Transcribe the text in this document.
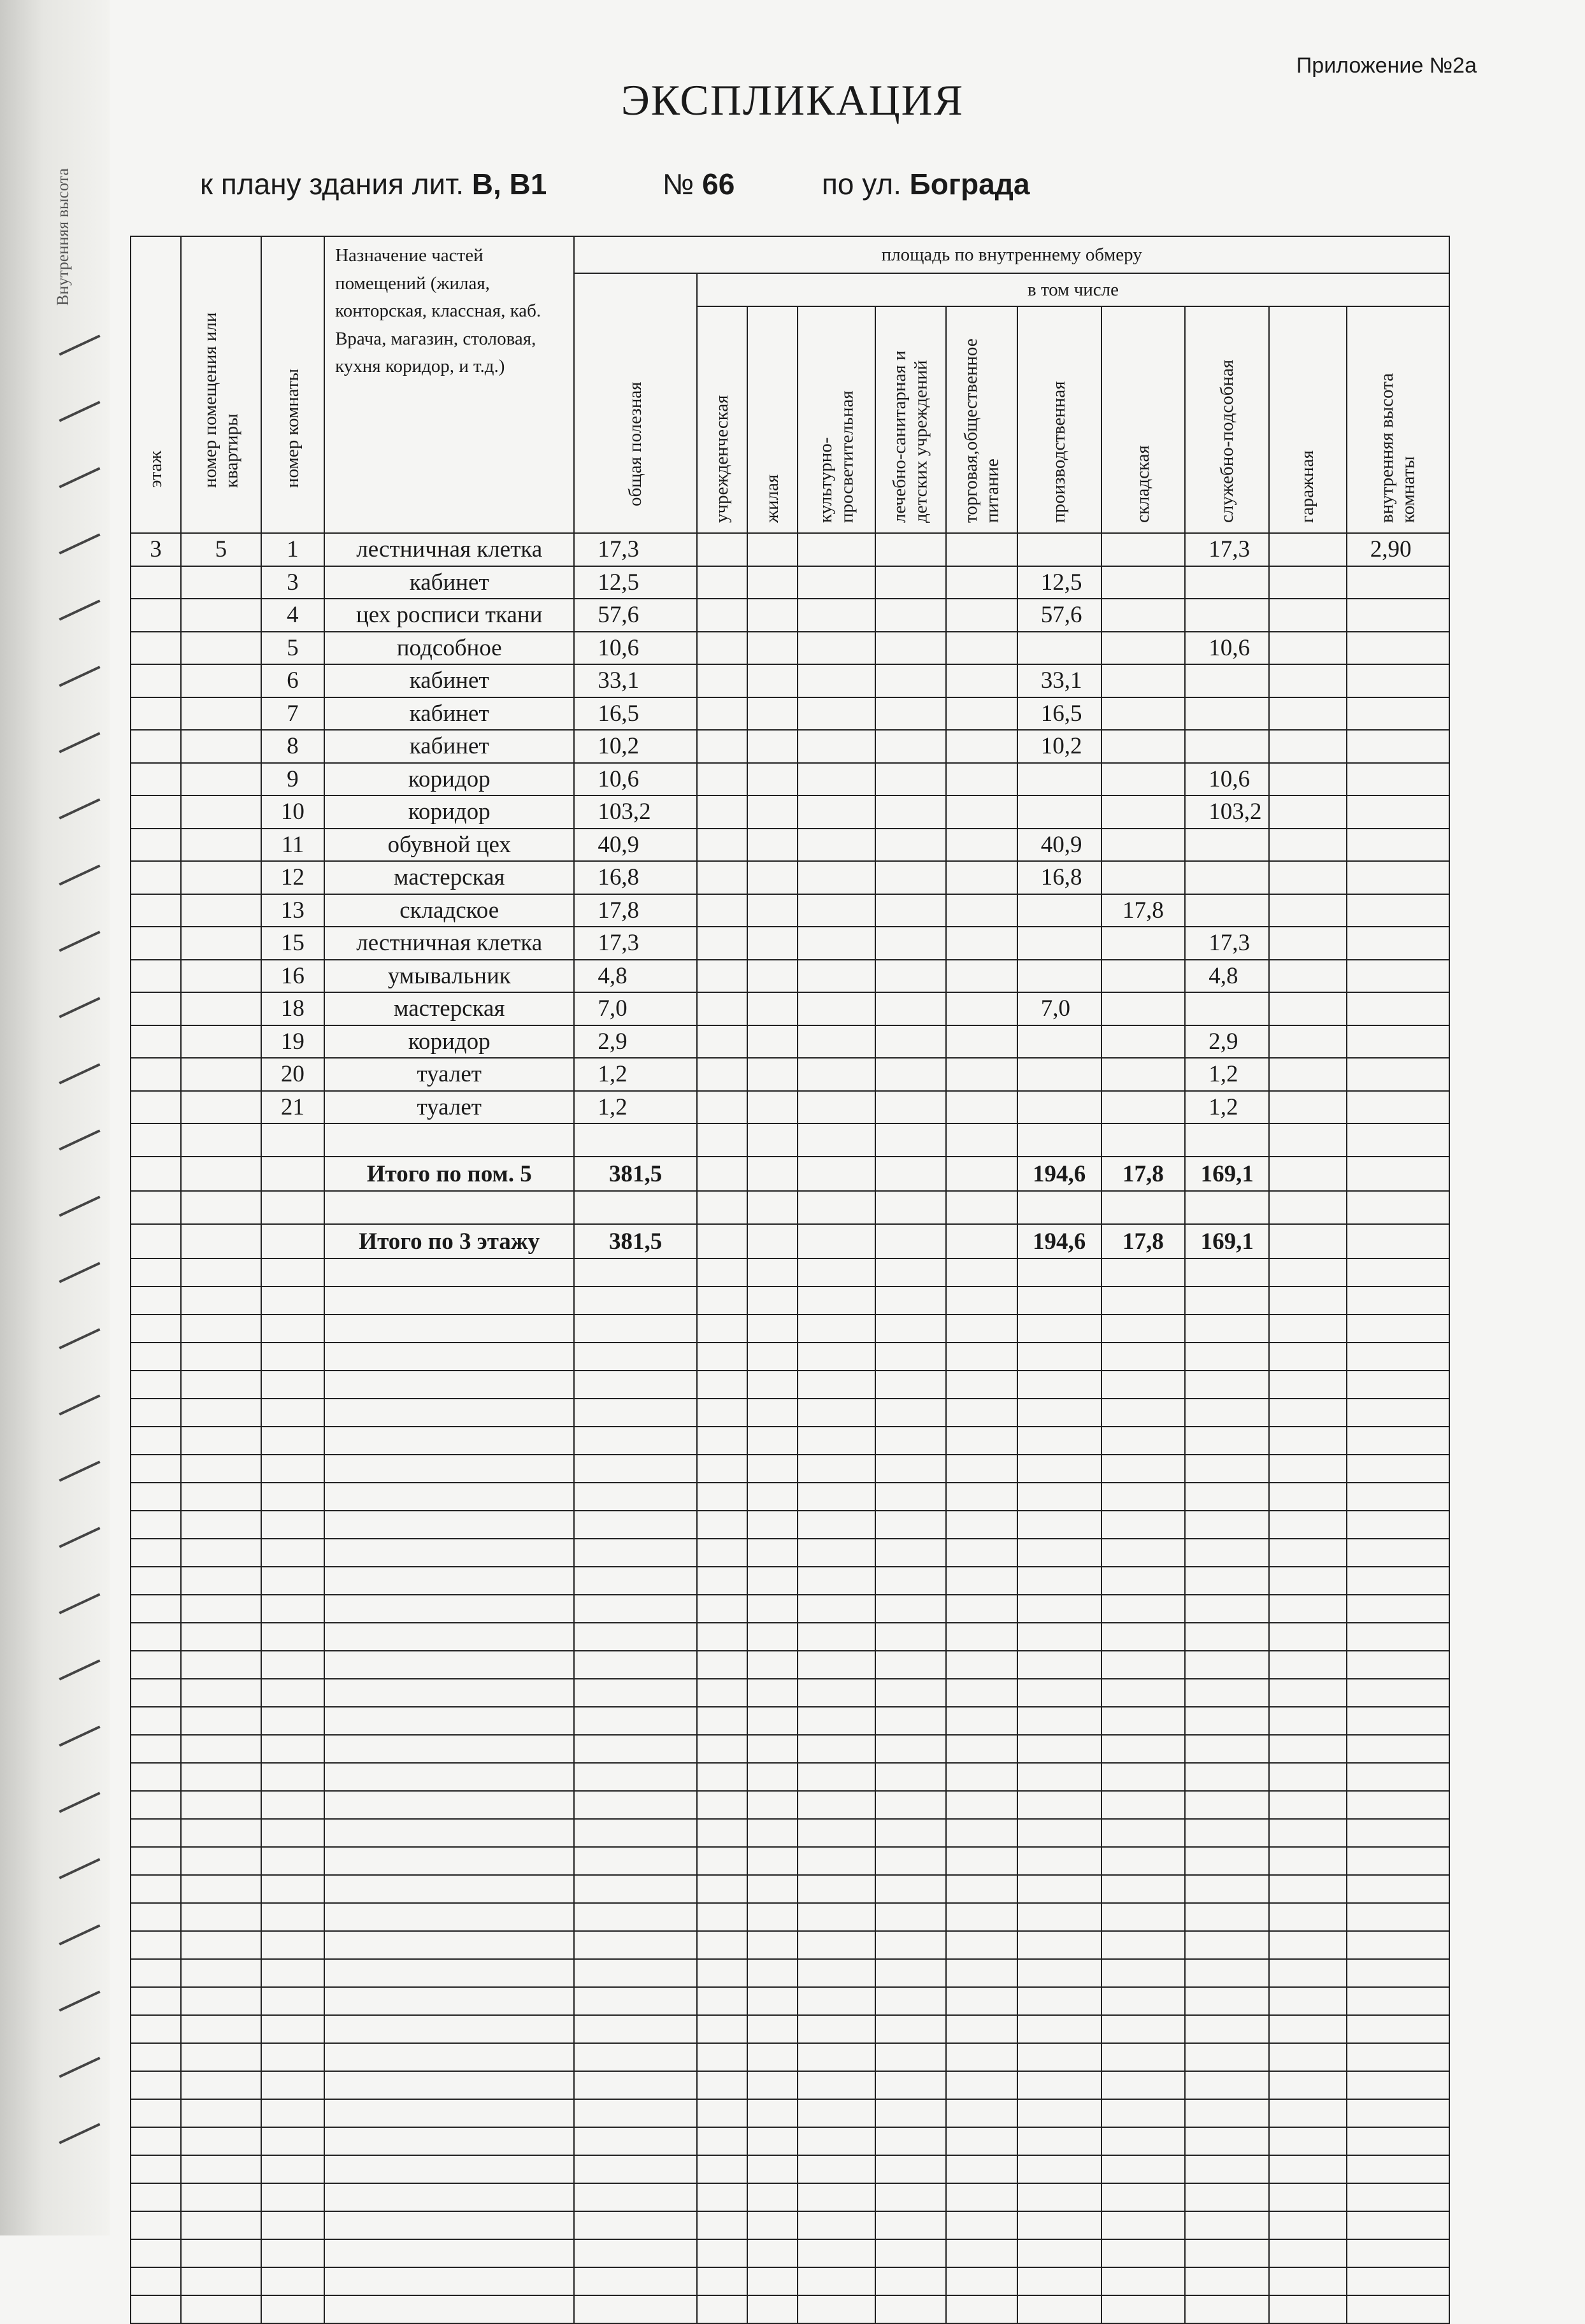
Внутренняя высота
Приложение №2а
ЭКСПЛИКАЦИЯ
к плану здания лит. В, В1	№ 66	по ул. Бограда
этаж	номер помещения или квартиры	номер комнаты	Назначение частей помещений (жилая, конторская, классная, каб. Врача, магазин, столовая, кухня коридор, и т.д.)	площадь по внутреннему обмеру										
				общая полезная	в том числе									
					учрежденческая	жилая	культурно-просветительная	лечебно-санитарная и детских учреждений	торговая,общественное питание	производственная	складская	служебно-подсобная	гаражная	внутренняя высота комнаты
3	5	1	лестничная клетка	17,3								17,3		2,90
		3	кабинет	12,5						12,5				
		4	цех росписи ткани	57,6						57,6				
		5	подсобное	10,6								10,6		
		6	кабинет	33,1						33,1				
		7	кабинет	16,5						16,5				
		8	кабинет	10,2						10,2				
		9	коридор	10,6								10,6		
		10	коридор	103,2								103,2		
		11	обувной цех	40,9						40,9				
		12	мастерская	16,8						16,8				
		13	складское	17,8							17,8			
		15	лестничная клетка	17,3								17,3		
		16	умывальник	4,8								4,8		
		18	мастерская	7,0						7,0				
		19	коридор	2,9								2,9		
		20	туалет	1,2								1,2		
		21	туалет	1,2								1,2		

			Итого по пом. 5	381,5						194,6	17,8	169,1		

			Итого по 3 этажу	381,5						194,6	17,8	169,1		
